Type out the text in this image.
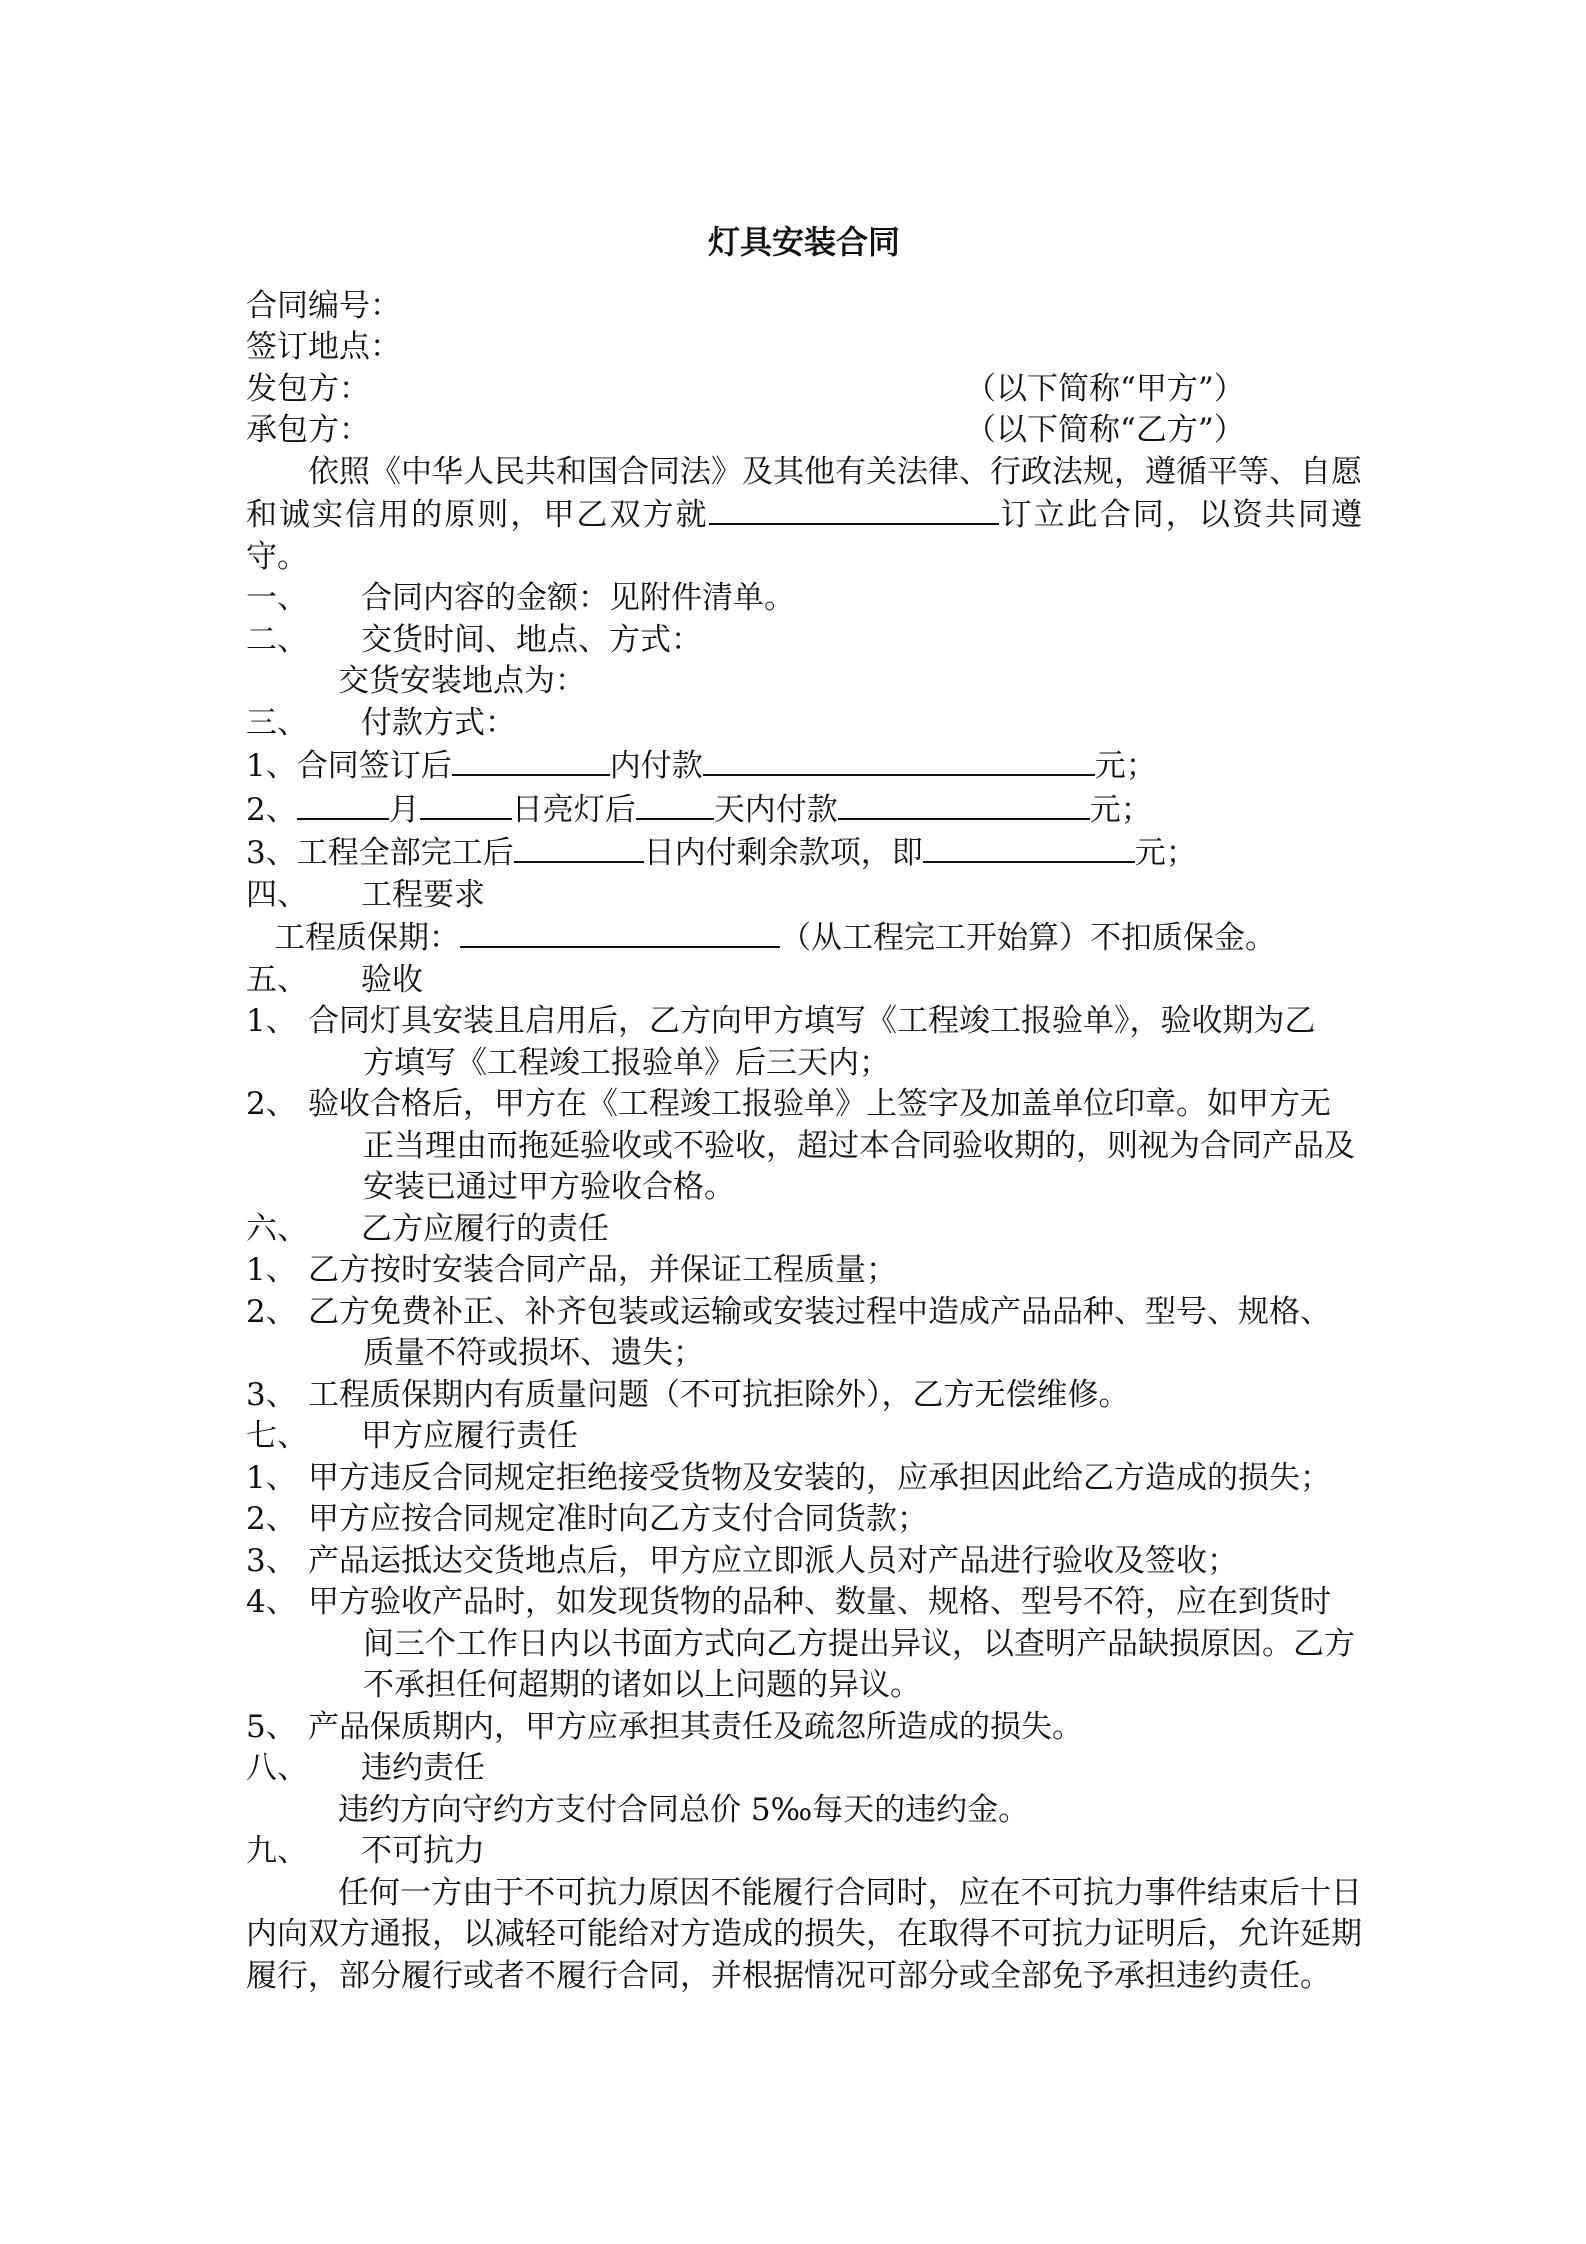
灯具安装合同
合同编号：
签订地点：
发包方：	（以下简称“甲方”）
承包方：	（以下简称“乙方”）
依照《中华人民共和国合同法》及其他有关法律、行政法规，遵循平等、自愿和诚实信用的原则，甲乙双方就	订立此合同，以资共同遵守。
一、	合同内容的金额：见附件清单。
二、	交货时间、地点、方式：
交货安装地点为：
三、	付款方式：
1、合同签订后	内付款	元；
2、	月	日亮灯后	天内付款	元；
3、工程全部完工后	日内付剩余款项，即	元；
四、	工程要求
工程质保期：	（从工程完工开始算）不扣质保金。
五、	验收
1、 合同灯具安装且启用后，乙方向甲方填写《工程竣工报验单》，验收期为乙
方填写《工程竣工报验单》后三天内；
2、 验收合格后，甲方在《工程竣工报验单》上签字及加盖单位印章。如甲方无
正当理由而拖延验收或不验收，超过本合同验收期的，则视为合同产品及安装已通过甲方验收合格。
六、	乙方应履行的责任
1、 乙方按时安装合同产品，并保证工程质量；
2、 乙方免费补正、补齐包装或运输或安装过程中造成产品品种、型号、规格、
质量不符或损坏、遗失；
3、 工程质保期内有质量问题（不可抗拒除外），乙方无偿维修。
七、	甲方应履行责任
1、 甲方违反合同规定拒绝接受货物及安装的，应承担因此给乙方造成的损失；
2、 甲方应按合同规定准时向乙方支付合同货款；
3、 产品运抵达交货地点后，甲方应立即派人员对产品进行验收及签收；
4、 甲方验收产品时，如发现货物的品种、数量、规格、型号不符，应在到货时
间三个工作日内以书面方式向乙方提出异议，以查明产品缺损原因。乙方不承担任何超期的诸如以上问题的异议。
5、 产品保质期内，甲方应承担其责任及疏忽所造成的损失。
八、	违约责任
违约方向守约方支付合同总价 5‰每天的违约金。
九、	不可抗力
任何一方由于不可抗力原因不能履行合同时，应在不可抗力事件结束后十日内向双方通报，以减轻可能给对方造成的损失，在取得不可抗力证明后，允许延期履行，部分履行或者不履行合同，并根据情况可部分或全部免予承担违约责任。
